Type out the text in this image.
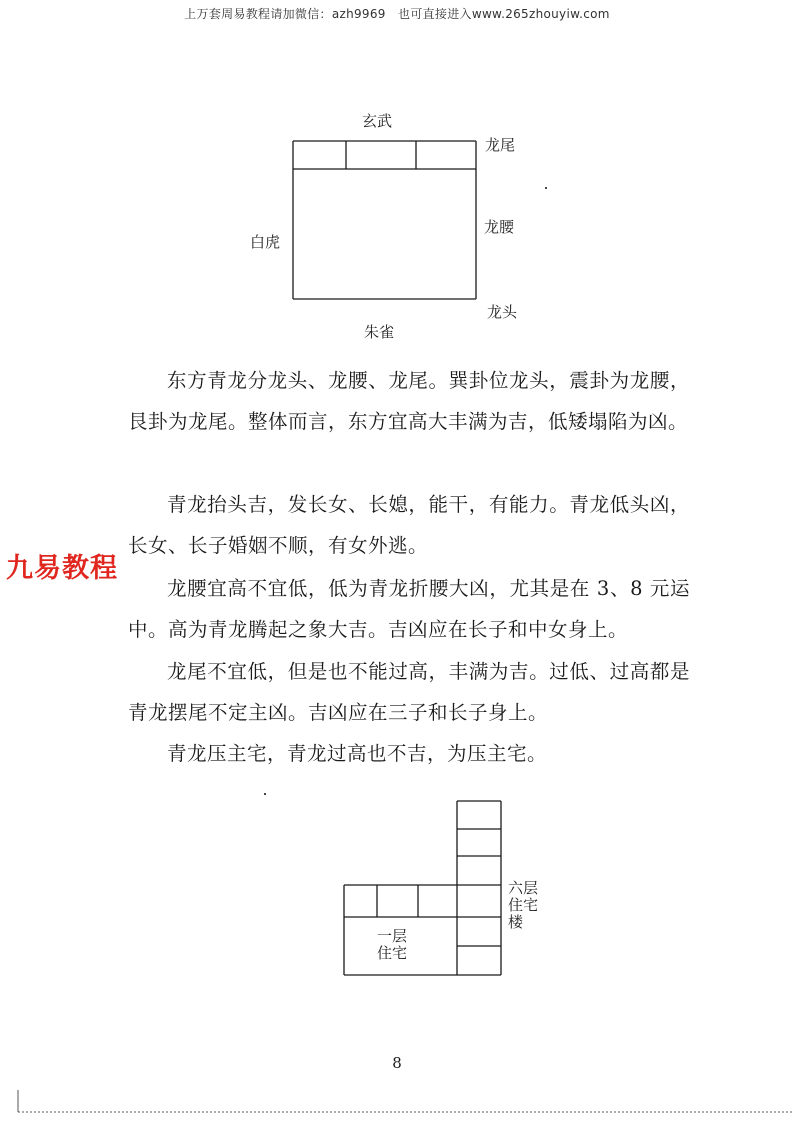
上万套周易教程请加微信：azh9969　也可直接进入www.265zhouyiw.com
玄武
白虎
朱雀
龙尾
龙腰
龙头

东方青龙分龙头、龙腰、龙尾。巽卦位龙头，震卦为龙腰，艮卦为龙尾。整体而言，东方宜高大丰满为吉，低矮塌陷为凶。

青龙抬头吉，发长女、长媳，能干，有能力。青龙低头凶，长女、长子婚姻不顺，有女外逃。

龙腰宜高不宜低，低为青龙折腰大凶，尤其是在 3、8 元运中。高为青龙腾起之象大吉。吉凶应在长子和中女身上。

龙尾不宜低，但是也不能过高，丰满为吉。过低、过高都是青龙摆尾不定主凶。吉凶应在三子和长子身上。

青龙压主宅，青龙过高也不吉，为压主宅。

九易教程
一层
住宅
六层住宅楼
8
